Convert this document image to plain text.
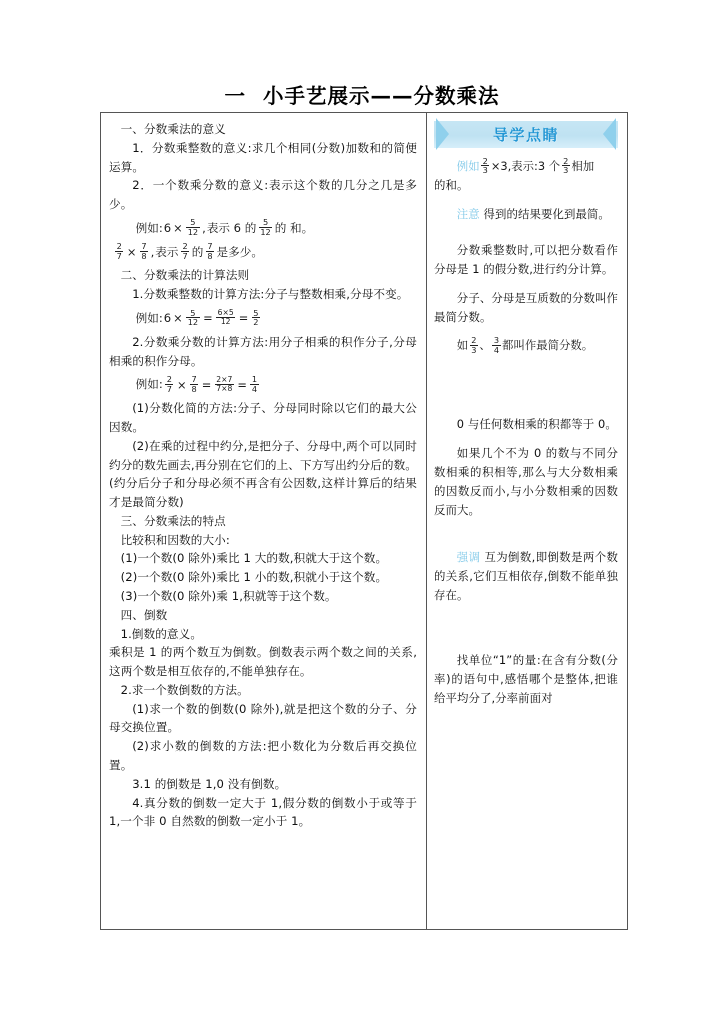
一 小手艺展示——分数乘法

一、分数乘法的意义

1．分数乘整数的意义:求几个相同(分数)加数和的简便运算。

2．一个数乘分数的意义:表示这个数的几分之几是多少。

例如: $6 \times \frac{5}{12}$ , 表示 6 的 $\frac{5}{12}$ 的 和。
$\frac{2}{7} \times \frac{7}{8}$ , 表示 $\frac{2}{7}$ 的 $\frac{7}{8}$ 是多少。

二、分数乘法的计算法则

1.分数乘整数的计算方法:分子与整数相乘,分母不变。

例如: $6 \times \frac{5}{12} = \frac{6\times 5}{12} = \frac{5}{2}$

2.分数乘分数的计算方法:用分子相乘的积作分子,分母相乘的积作分母。

例如: $\frac{2}{7} \times \frac{7}{8} = \frac{2\times 7}{7\times 8} = \frac{1}{4}$

(1)分数化简的方法:分子、分母同时除以它们的最大公因数。

(2)在乘的过程中约分,是把分子、分母中,两个可以同时约分的数先画去,再分别在它们的上、下方写出约分后的数。(约分后分子和分母必须不再含有公因数,这样计算后的结果才是最简分数)

三、分数乘法的特点

比较积和因数的大小:

(1)一个数(0 除外)乘比 1 大的数,积就大于这个数。

(2)一个数(0 除外)乘比 1 小的数,积就小于这个数。

(3)一个数(0 除外)乘 1,积就等于这个数。

四、倒数

1.倒数的意义。

乘积是 1 的两个数互为倒数。倒数表示两个数之间的关系,这两个数是相互依存的,不能单独存在。

2.求一个数倒数的方法。

(1)求一个数的倒数(0 除外),就是把这个数的分子、分母交换位置。

(2)求小数的倒数的方法:把小数化为分数后再交换位置。

3.1 的倒数是 1,0 没有倒数。

4.真分数的倒数一定大于 1,假分数的倒数小于或等于 1,一个非 0 自然数的倒数一定小于 1。

导学点睛
例如 $\frac{2}{3} \times 3$,表示:3 个 $\frac{2}{3}$ 相加

的和。

注意 得到的结果要化到最简。

分数乘整数时,可以把分数看作分母是 1 的假分数,进行约分计算。

分子、分母是互质数的分数叫作最简分数。

如 $\frac{2}{3}$ 、 $\frac{3}{4}$ 都叫作最简分数。

0 与任何数相乘的积都等于 0。

如果几个不为 0 的数与不同分数相乘的积相等,那么与大分数相乘的因数反而小,与小分数相乘的因数反而大。

强调 互为倒数,即倒数是两个数的关系,它们互相依存,倒数不能单独存在。

找单位“1”的量:在含有分数(分率)的语句中,感悟哪个是整体,把谁给平均分了,分率前面对
